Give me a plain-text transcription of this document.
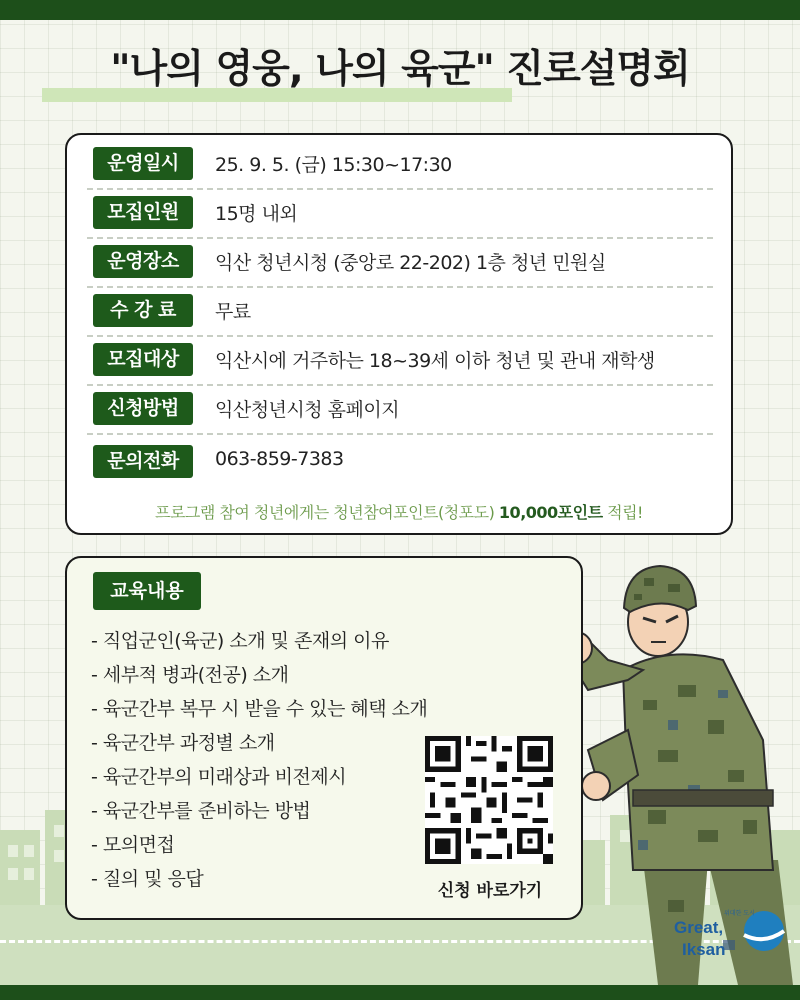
"나의 영웅, 나의 육군" 진로설명회
운영일시	25. 9. 5. (금) 15:30~17:30
모집인원	15명 내외
운영장소	익산 청년시청 (중앙로 22-202) 1층 청년 민원실
수 강 료	무료
모집대상	익산시에 거주하는 18~39세 이하 청년 및 관내 재학생
신청방법	익산청년시청 홈페이지
문의전화	063-859-7383
프로그램 참여 청년에게는 청년참여포인트(청포도) 10,000포인트 적립!
교육내용
- 직업군인(육군) 소개 및 존재의 이유
- 세부적 병과(전공) 소개
- 육군간부 복무 시 받을 수 있는 혜택 소개
- 육군간부 과정별 소개
- 육군간부의 미래상과 비전제시
- 육군간부를 준비하는 방법
- 모의면접
- 질의 및 응답
신청 바로가기
Great,
Iksan
위대한 도시
